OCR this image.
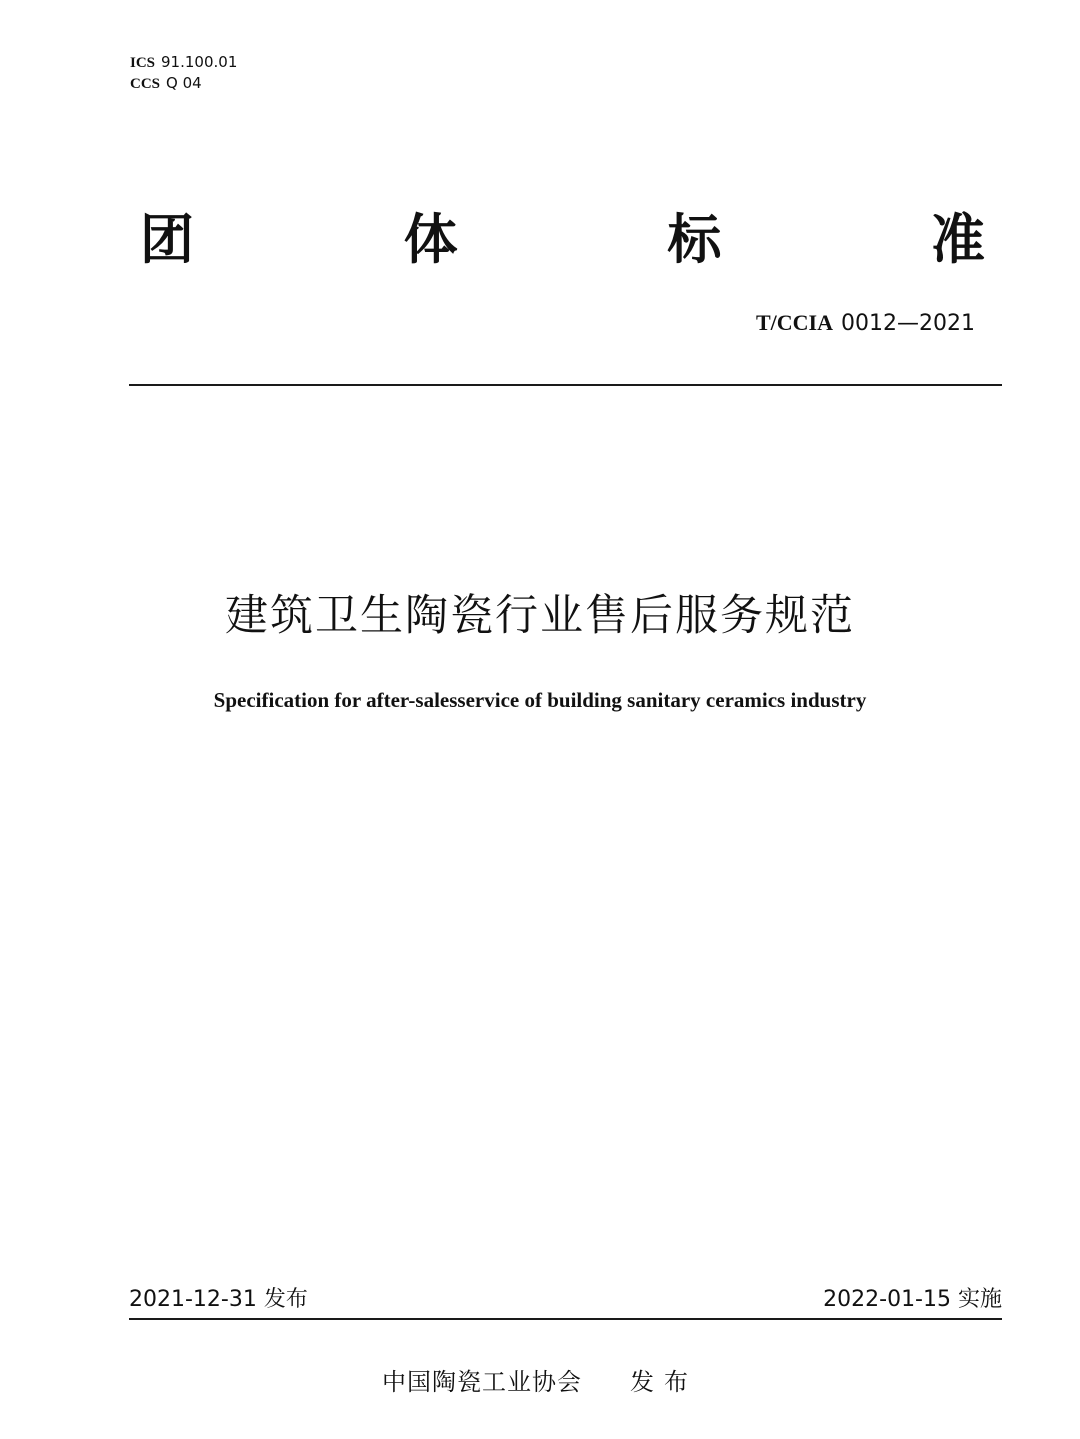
ICS 91.100.01
CCS Q 04
团	体	标	准
T/CCIA 0012—2021
建筑卫生陶瓷行业售后服务规范
Specification for after-salesservice of building sanitary ceramics industry
2021-12-31 发布	2022-01-15 实施
中国陶瓷工业协会 发布
